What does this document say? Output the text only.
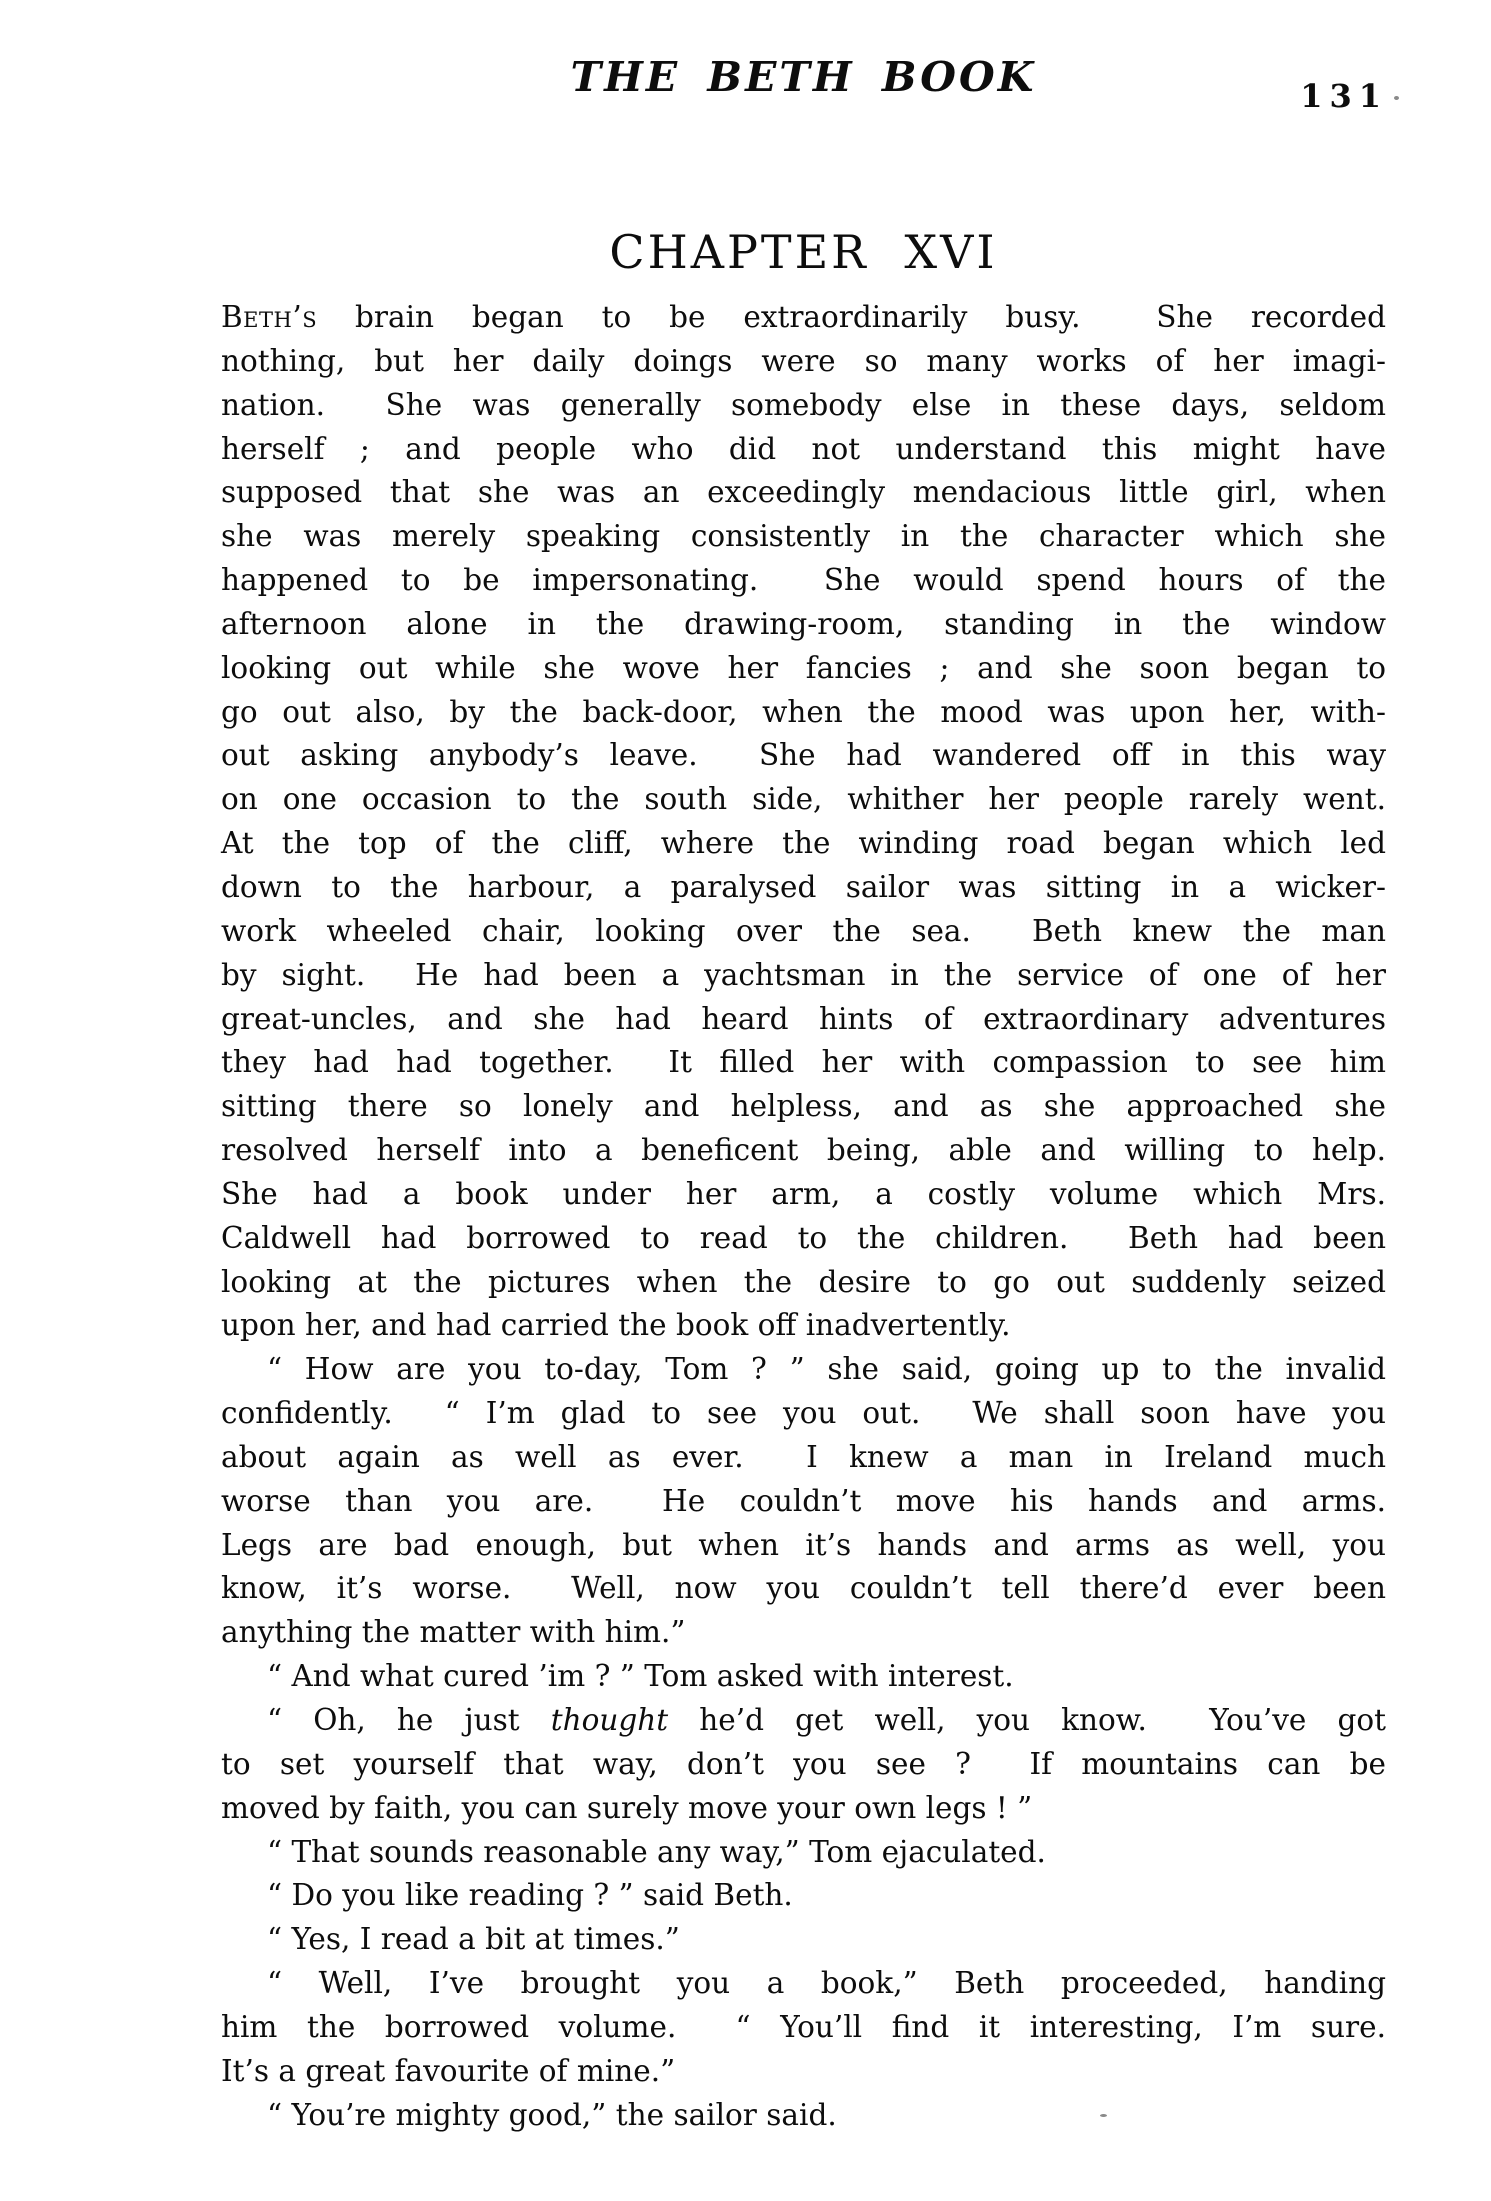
THE BETH BOOK	131
CHAPTER XVI
Beth’s brain began to be extraordinarily busy.  She recorded
nothing, but her daily doings were so many works of her imagi-
nation.  She was generally somebody else in these days, seldom
herself ; and people who did not understand this might have
supposed that she was an exceedingly mendacious little girl, when
she was merely speaking consistently in the character which she
happened to be impersonating.  She would spend hours of the
afternoon alone in the drawing-room, standing in the window
looking out while she wove her fancies ; and she soon began to
go out also, by the back-door, when the mood was upon her, with-
out asking anybody’s leave.  She had wandered off in this way
on one occasion to the south side, whither her people rarely went.
At the top of the cliff, where the winding road began which led
down to the harbour, a paralysed sailor was sitting in a wicker-
work wheeled chair, looking over the sea.  Beth knew the man
by sight.  He had been a yachtsman in the service of one of her
great-uncles, and she had heard hints of extraordinary adventures
they had had together.  It filled her with compassion to see him
sitting there so lonely and helpless, and as she approached she
resolved herself into a beneficent being, able and willing to help.
She had a book under her arm, a costly volume which Mrs.
Caldwell had borrowed to read to the children.  Beth had been
looking at the pictures when the desire to go out suddenly seized
upon her, and had carried the book off inadvertently.
“ How are you to-day, Tom ? ” she said, going up to the invalid
confidently.  “ I’m glad to see you out.  We shall soon have you
about again as well as ever.  I knew a man in Ireland much
worse than you are.  He couldn’t move his hands and arms.
Legs are bad enough, but when it’s hands and arms as well, you
know, it’s worse.  Well, now you couldn’t tell there’d ever been
anything the matter with him.”
“ And what cured ’im ? ” Tom asked with interest.
“ Oh, he just thought he’d get well, you know.  You’ve got
to set yourself that way, don’t you see ?  If mountains can be
moved by faith, you can surely move your own legs ! ”
“ That sounds reasonable any way,” Tom ejaculated.
“ Do you like reading ? ” said Beth.
“ Yes, I read a bit at times.”
“ Well, I’ve brought you a book,” Beth proceeded, handing
him the borrowed volume.  “ You’ll find it interesting, I’m sure.
It’s a great favourite of mine.”
“ You’re mighty good,” the sailor said.
